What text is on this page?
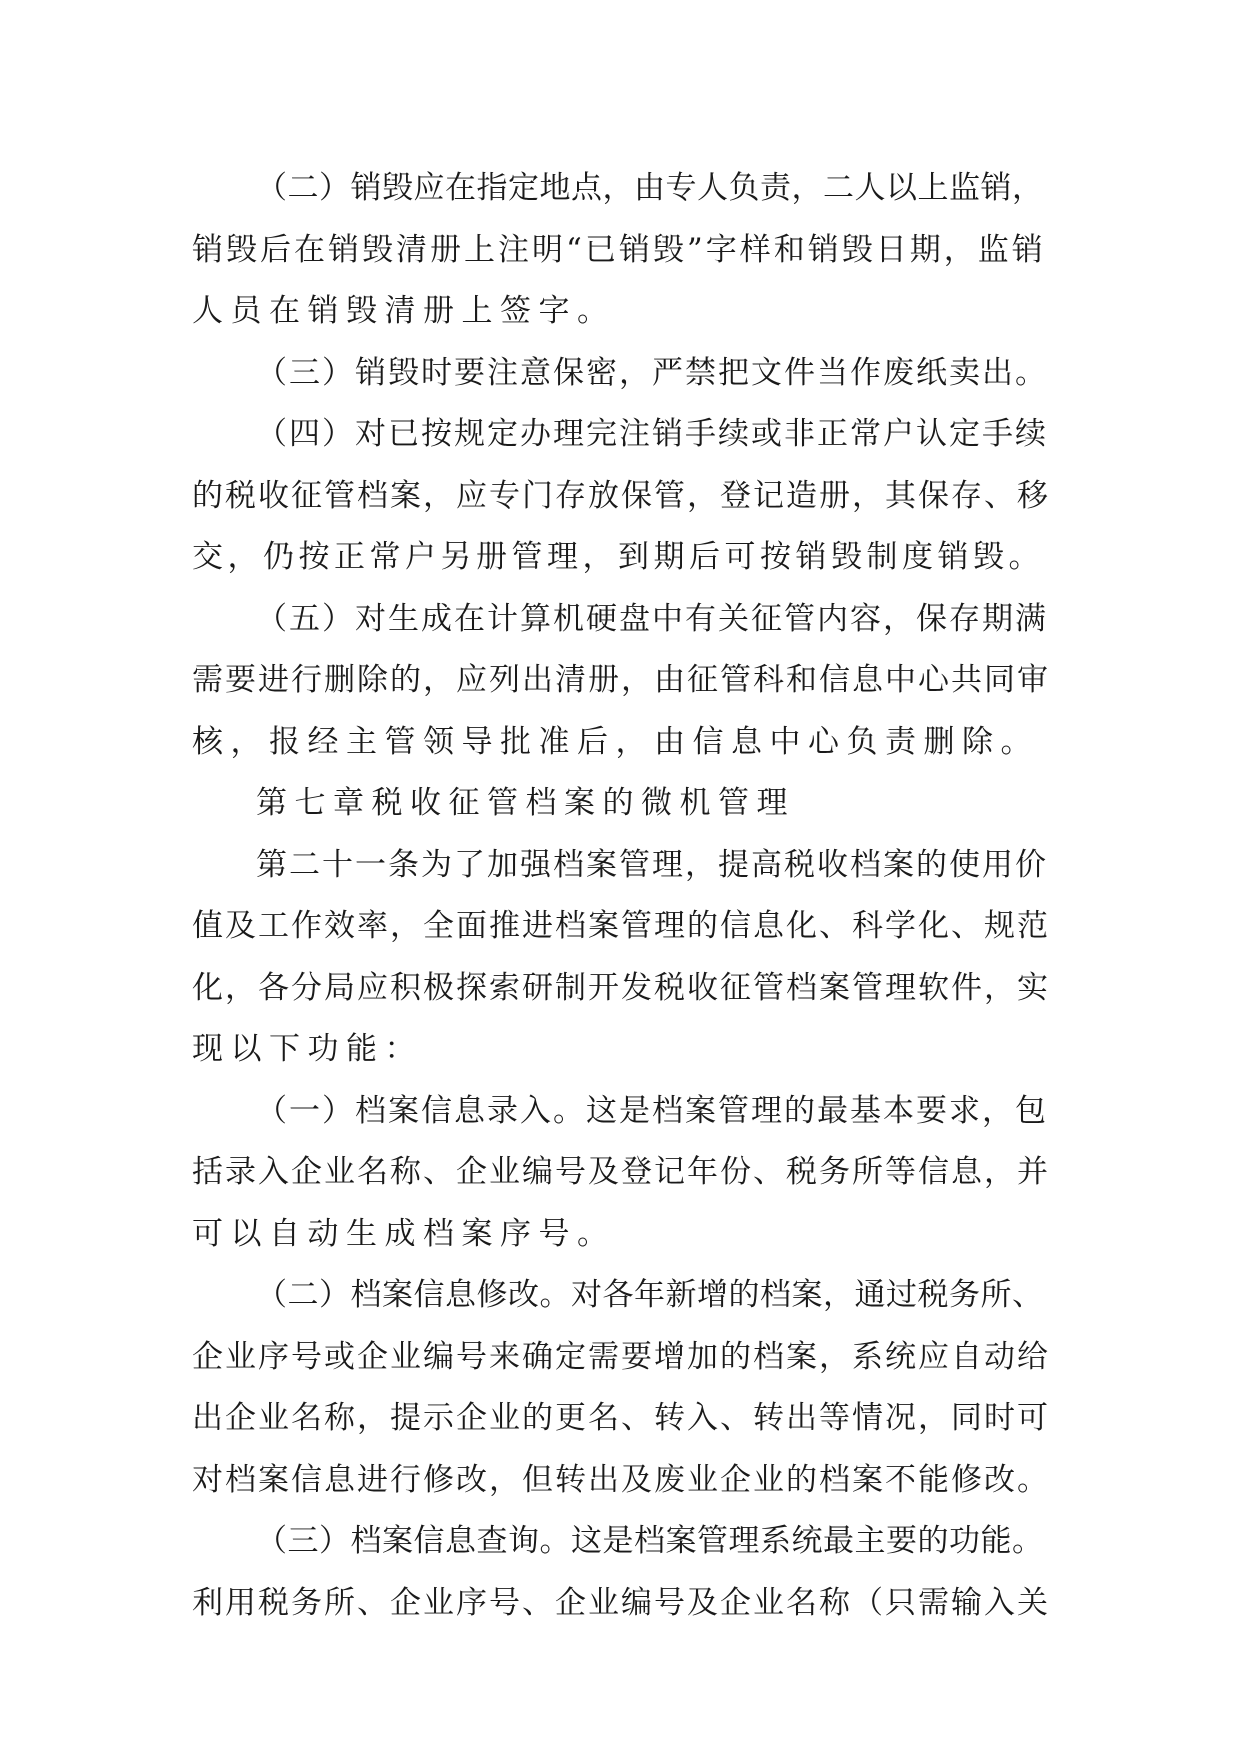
（二）销毁应在指定地点，由专人负责，二人以上监销，
销毁后在销毁清册上注明“已销毁”字样和销毁日期，监销
人员在销毁清册上签字。
（三）销毁时要注意保密，严禁把文件当作废纸卖出。
（四）对已按规定办理完注销手续或非正常户认定手续
的税收征管档案，应专门存放保管，登记造册，其保存、移
交，仍按正常户另册管理，到期后可按销毁制度销毁。
（五）对生成在计算机硬盘中有关征管内容，保存期满
需要进行删除的，应列出清册，由征管科和信息中心共同审
核，报经主管领导批准后，由信息中心负责删除。
第七章税收征管档案的微机管理
第二十一条为了加强档案管理，提高税收档案的使用价
值及工作效率，全面推进档案管理的信息化、科学化、规范
化，各分局应积极探索研制开发税收征管档案管理软件，实
现以下功能：
（一）档案信息录入。这是档案管理的最基本要求，包
括录入企业名称、企业编号及登记年份、税务所等信息，并
可以自动生成档案序号。
（二）档案信息修改。对各年新增的档案，通过税务所、
企业序号或企业编号来确定需要增加的档案，系统应自动给
出企业名称，提示企业的更名、转入、转出等情况，同时可
对档案信息进行修改，但转出及废业企业的档案不能修改。
（三）档案信息查询。这是档案管理系统最主要的功能。
利用税务所、企业序号、企业编号及企业名称（只需输入关
